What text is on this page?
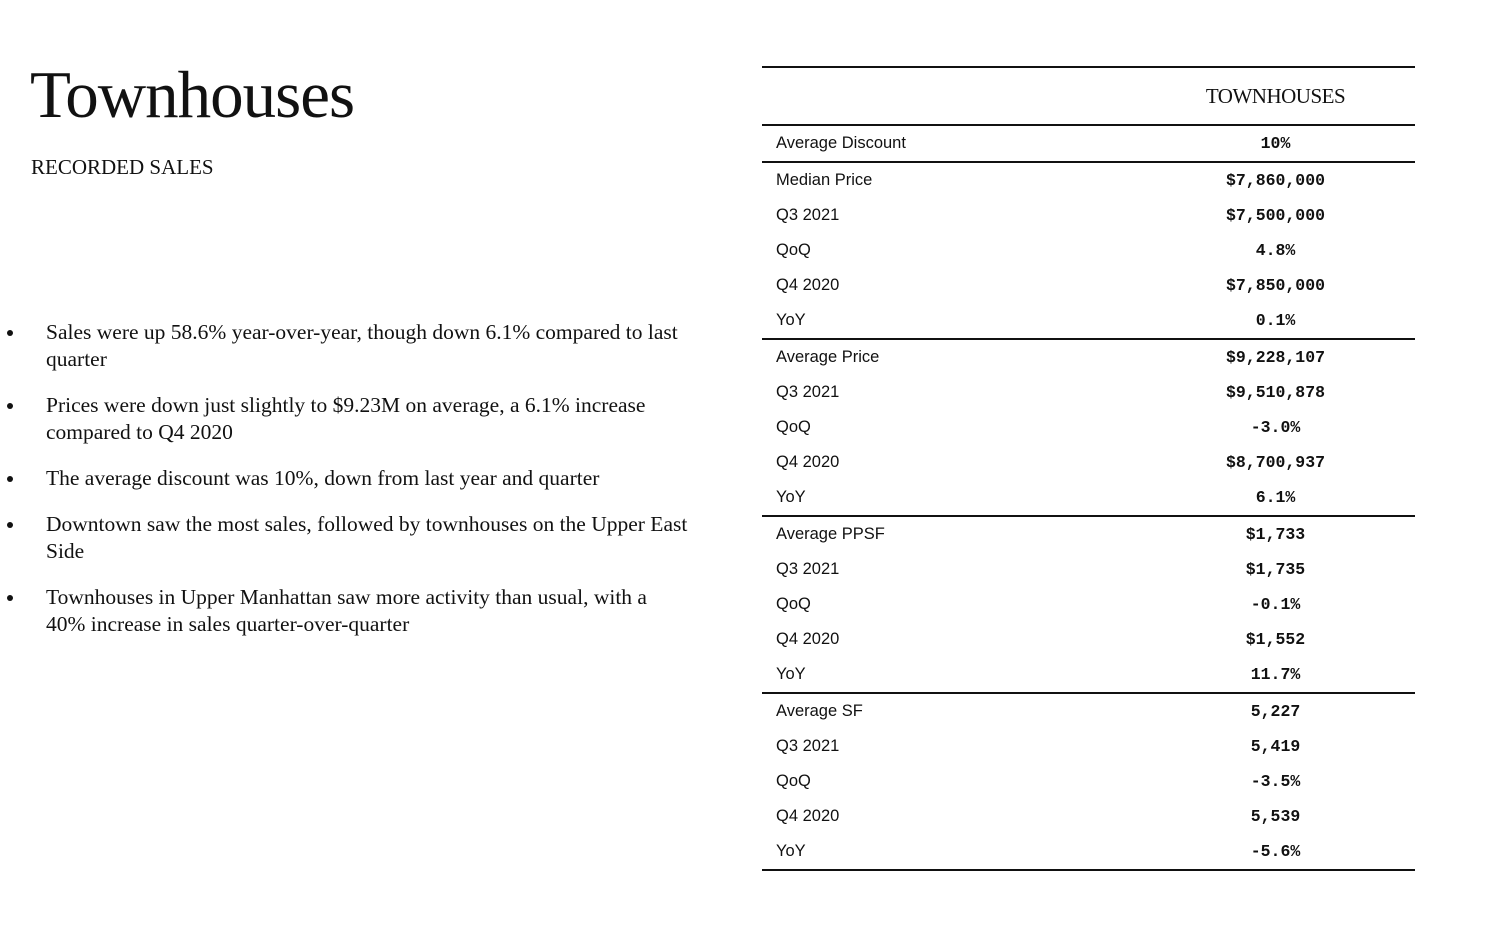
Townhouses
RECORDED SALES
Sales were up 58.6% year-over-year, though down 6.1% compared to last quarter
Prices were down just slightly to $9.23M on average, a 6.1% increase compared to Q4 2020
The average discount was 10%, down from last year and quarter
Downtown saw the most sales, followed by townhouses on the Upper East Side
Townhouses in Upper Manhattan saw more activity than usual, with a 40% increase in sales quarter-over-quarter
	TOWNHOUSES
Average Discount	10%
Median Price	$7,860,000
Q3 2021	$7,500,000
QoQ	4.8%
Q4 2020	$7,850,000
YoY	0.1%
Average Price	$9,228,107
Q3 2021	$9,510,878
QoQ	-3.0%
Q4 2020	$8,700,937
YoY	6.1%
Average PPSF	$1,733
Q3 2021	$1,735
QoQ	-0.1%
Q4 2020	$1,552
YoY	11.7%
Average SF	5,227
Q3 2021	5,419
QoQ	-3.5%
Q4 2020	5,539
YoY	-5.6%
